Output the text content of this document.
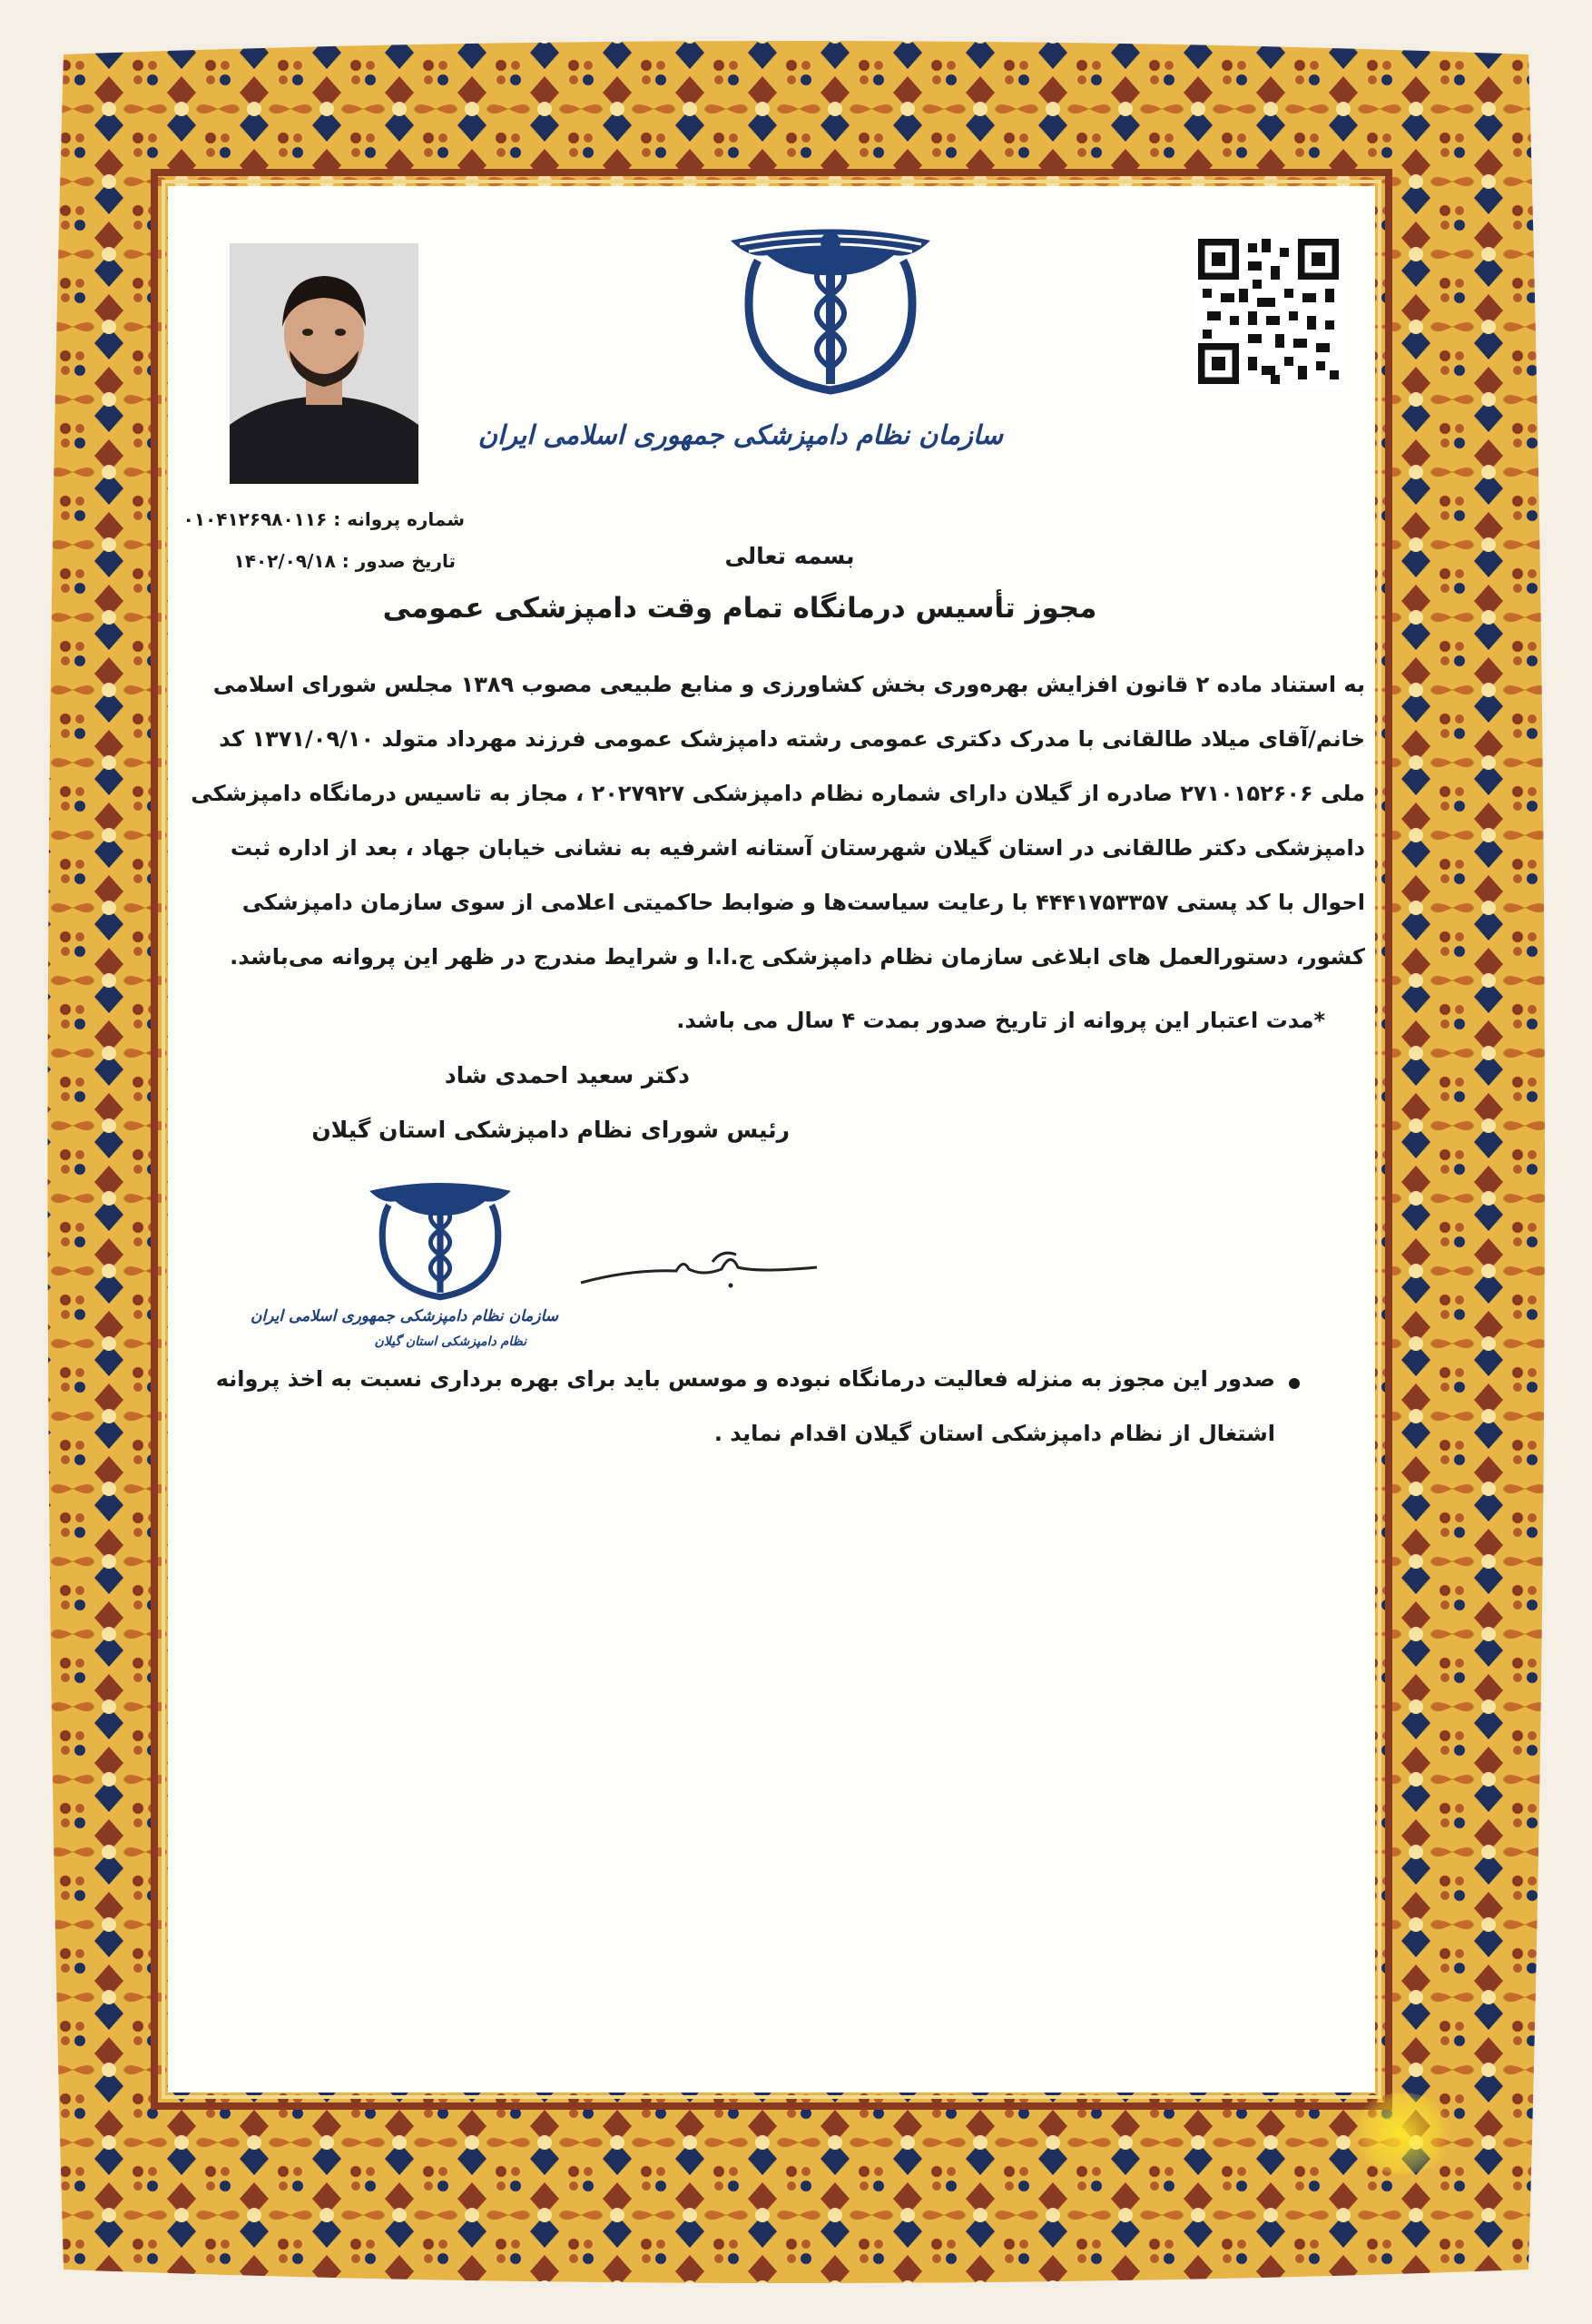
سازمان نظام دامپزشکی جمهوری اسلامی ایران
شماره پروانه : ۰۱۰۴۱۲۶۹۸۰۱۱۶
تاریخ صدور : ۱۴۰۲/۰۹/۱۸	بسمه تعالی
مجوز تأسیس درمانگاه تمام وقت دامپزشکی عمومی
به استناد ماده ۲ قانون افزایش بهره‌وری بخش کشاورزی و منابع طبیعی مصوب ۱۳۸۹ مجلس شورای اسلامی
خانم/آقای میلاد طالقانی با مدرک دکتری عمومی رشته دامپزشک عمومی فرزند مهرداد متولد ۱۳۷۱/۰۹/۱۰ کد
ملی ۲۷۱۰۱۵۲۶۰۶ صادره از گیلان دارای شماره نظام دامپزشکی ۲۰۲۷۹۲۷ ، مجاز به تاسیس درمانگاه دامپزشکی
دامپزشکی دکتر طالقانی در استان گیلان شهرستان آستانه اشرفیه به نشانی خیابان جهاد ، بعد از اداره ثبت
احوال با کد پستی ۴۴۴۱۷۵۳۳۵۷ با رعایت سیاست‌ها و ضوابط حاکمیتی اعلامی از سوی سازمان دامپزشکی
کشور، دستورالعمل های ابلاغی سازمان نظام دامپزشکی ج.ا.ا و شرایط مندرج در ظهر این پروانه می‌باشد.
*مدت اعتبار این پروانه از تاریخ صدور بمدت ۴ سال می باشد.
دکتر سعید احمدی شاد
رئیس شورای نظام دامپزشکی استان گیلان
سازمان نظام دامپزشکی جمهوری اسلامی ایران
نظام دامپزشکی استان گیلان
صدور این مجوز به منزله فعالیت درمانگاه نبوده و موسس باید برای بهره برداری نسبت به اخذ پروانه
اشتغال از نظام دامپزشکی استان گیلان اقدام نماید .
